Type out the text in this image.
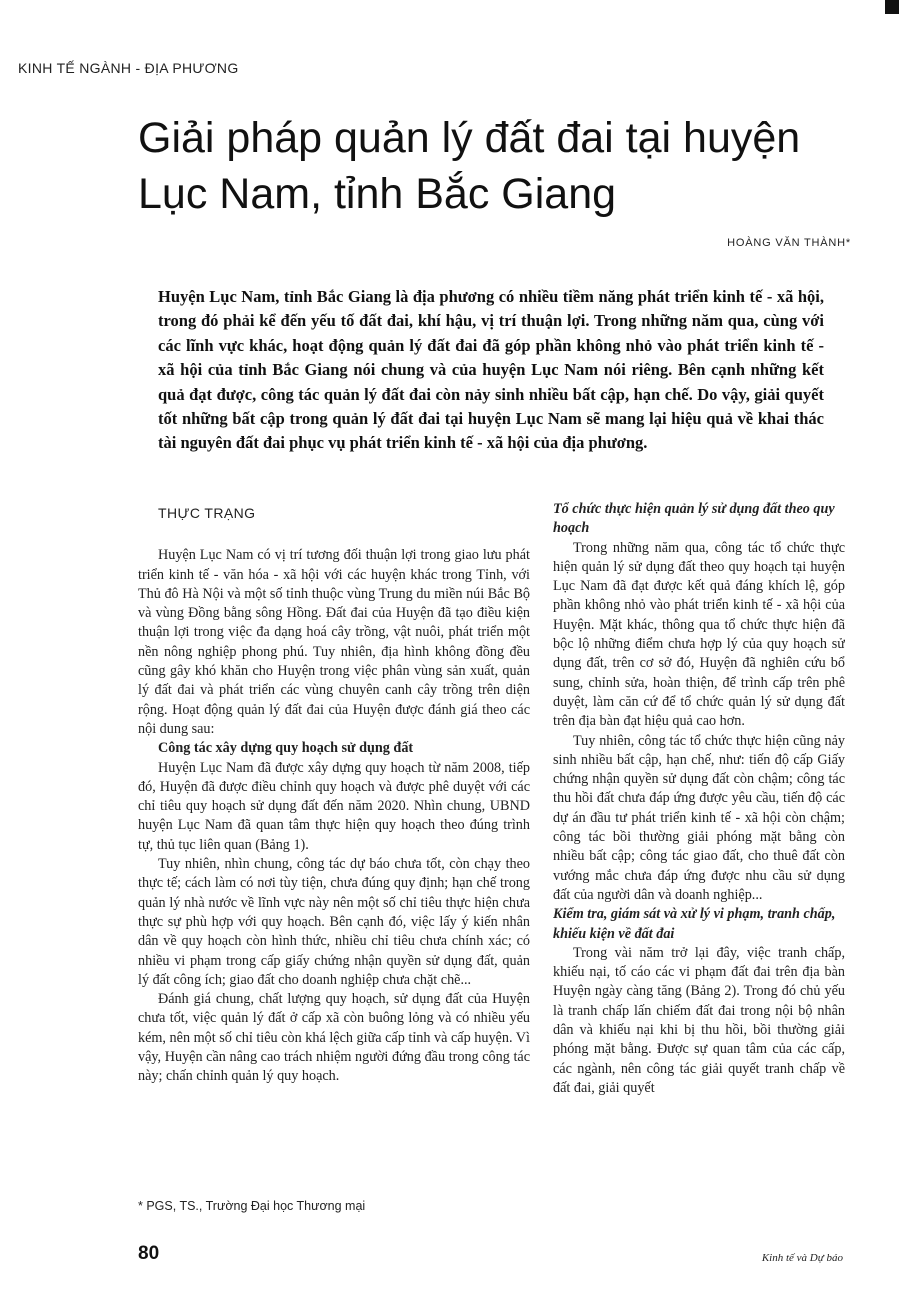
KINH TẾ NGÀNH - ĐỊA PHƯƠNG
Giải pháp quản lý đất đai tại huyện Lục Nam, tỉnh Bắc Giang
HOÀNG VĂN THÀNH*

Huyện Lục Nam, tỉnh Bắc Giang là địa phương có nhiều tiềm năng phát triển kinh tế - xã hội, trong đó phải kể đến yếu tố đất đai, khí hậu, vị trí thuận lợi. Trong những năm qua, cùng với các lĩnh vực khác, hoạt động quản lý đất đai đã góp phần không nhỏ vào phát triển kinh tế - xã hội của tỉnh Bắc Giang nói chung và của huyện Lục Nam nói riêng. Bên cạnh những kết quả đạt được, công tác quản lý đất đai còn nảy sinh nhiều bất cập, hạn chế. Do vậy, giải quyết tốt những bất cập trong quản lý đất đai tại huyện Lục Nam sẽ mang lại hiệu quả về khai thác tài nguyên đất đai phục vụ phát triển kinh tế - xã hội của địa phương.

THỰC TRẠNG

Huyện Lục Nam có vị trí tương đối thuận lợi trong giao lưu phát triển kinh tế - văn hóa - xã hội với các huyện khác trong Tỉnh, với Thủ đô Hà Nội và một số tỉnh thuộc vùng Trung du miền núi Bắc Bộ và vùng Đồng bằng sông Hồng. Đất đai của Huyện đã tạo điều kiện thuận lợi trong việc đa dạng hoá cây trồng, vật nuôi, phát triển một nền nông nghiệp phong phú. Tuy nhiên, địa hình không đồng đều cũng gây khó khăn cho Huyện trong việc phân vùng sản xuất, quản lý đất đai và phát triển các vùng chuyên canh cây trồng trên diện rộng. Hoạt động quản lý đất đai của Huyện được đánh giá theo các nội dung sau:

Công tác xây dựng quy hoạch sử dụng đất

Huyện Lục Nam đã được xây dựng quy hoạch từ năm 2008, tiếp đó, Huyện đã được điều chỉnh quy hoạch và được phê duyệt với các chỉ tiêu quy hoạch sử dụng đất đến năm 2020. Nhìn chung, UBND huyện Lục Nam đã quan tâm thực hiện quy hoạch theo đúng trình tự, thủ tục liên quan (Bảng 1).

Tuy nhiên, nhìn chung, công tác dự báo chưa tốt, còn chạy theo thực tế; cách làm có nơi tùy tiện, chưa đúng quy định; hạn chế trong quản lý nhà nước về lĩnh vực này nên một số chỉ tiêu thực hiện chưa thực sự phù hợp với quy hoạch. Bên cạnh đó, việc lấy ý kiến nhân dân về quy hoạch còn hình thức, nhiều chỉ tiêu chưa chính xác; có nhiều vi phạm trong cấp giấy chứng nhận quyền sử dụng đất, quản lý đất công ích; giao đất cho doanh nghiệp chưa chặt chẽ...

Đánh giá chung, chất lượng quy hoạch, sử dụng đất của Huyện chưa tốt, việc quản lý đất ở cấp xã còn buông lỏng và có nhiều yếu kém, nên một số chỉ tiêu còn khá lệch giữa cấp tỉnh và cấp huyện. Vì vậy, Huyện cần nâng cao trách nhiệm người đứng đầu trong công tác này; chấn chỉnh quản lý quy hoạch.

Tổ chức thực hiện quản lý sử dụng đất theo quy hoạch

Trong những năm qua, công tác tổ chức thực hiện quản lý sử dụng đất theo quy hoạch tại huyện Lục Nam đã đạt được kết quả đáng khích lệ, góp phần không nhỏ vào phát triển kinh tế - xã hội của Huyện. Mặt khác, thông qua tổ chức thực hiện đã bộc lộ những điểm chưa hợp lý của quy hoạch sử dụng đất, trên cơ sở đó, Huyện đã nghiên cứu bổ sung, chỉnh sửa, hoàn thiện, để trình cấp trên phê duyệt, làm căn cứ để tổ chức quản lý sử dụng đất trên địa bàn đạt hiệu quả cao hơn.

Tuy nhiên, công tác tổ chức thực hiện cũng nảy sinh nhiều bất cập, hạn chế, như: tiến độ cấp Giấy chứng nhận quyền sử dụng đất còn chậm; công tác thu hồi đất chưa đáp ứng được yêu cầu, tiến độ các dự án đầu tư phát triển kinh tế - xã hội còn chậm; công tác bồi thường giải phóng mặt bằng còn nhiều bất cập; công tác giao đất, cho thuê đất còn vướng mắc chưa đáp ứng được nhu cầu sử dụng đất của người dân và doanh nghiệp...

Kiểm tra, giám sát và xử lý vi phạm, tranh chấp, khiếu kiện về đất đai

Trong vài năm trở lại đây, việc tranh chấp, khiếu nại, tố cáo các vi phạm đất đai trên địa bàn Huyện ngày càng tăng (Bảng 2). Trong đó chủ yếu là tranh chấp lấn chiếm đất đai trong nội bộ nhân dân và khiếu nại khi bị thu hồi, bồi thường giải phóng mặt bằng. Được sự quan tâm của các cấp, các ngành, nên công tác giải quyết tranh chấp về đất đai, giải quyết

* PGS, TS., Trường Đại học Thương mại
80	Kinh tế và Dự báo
